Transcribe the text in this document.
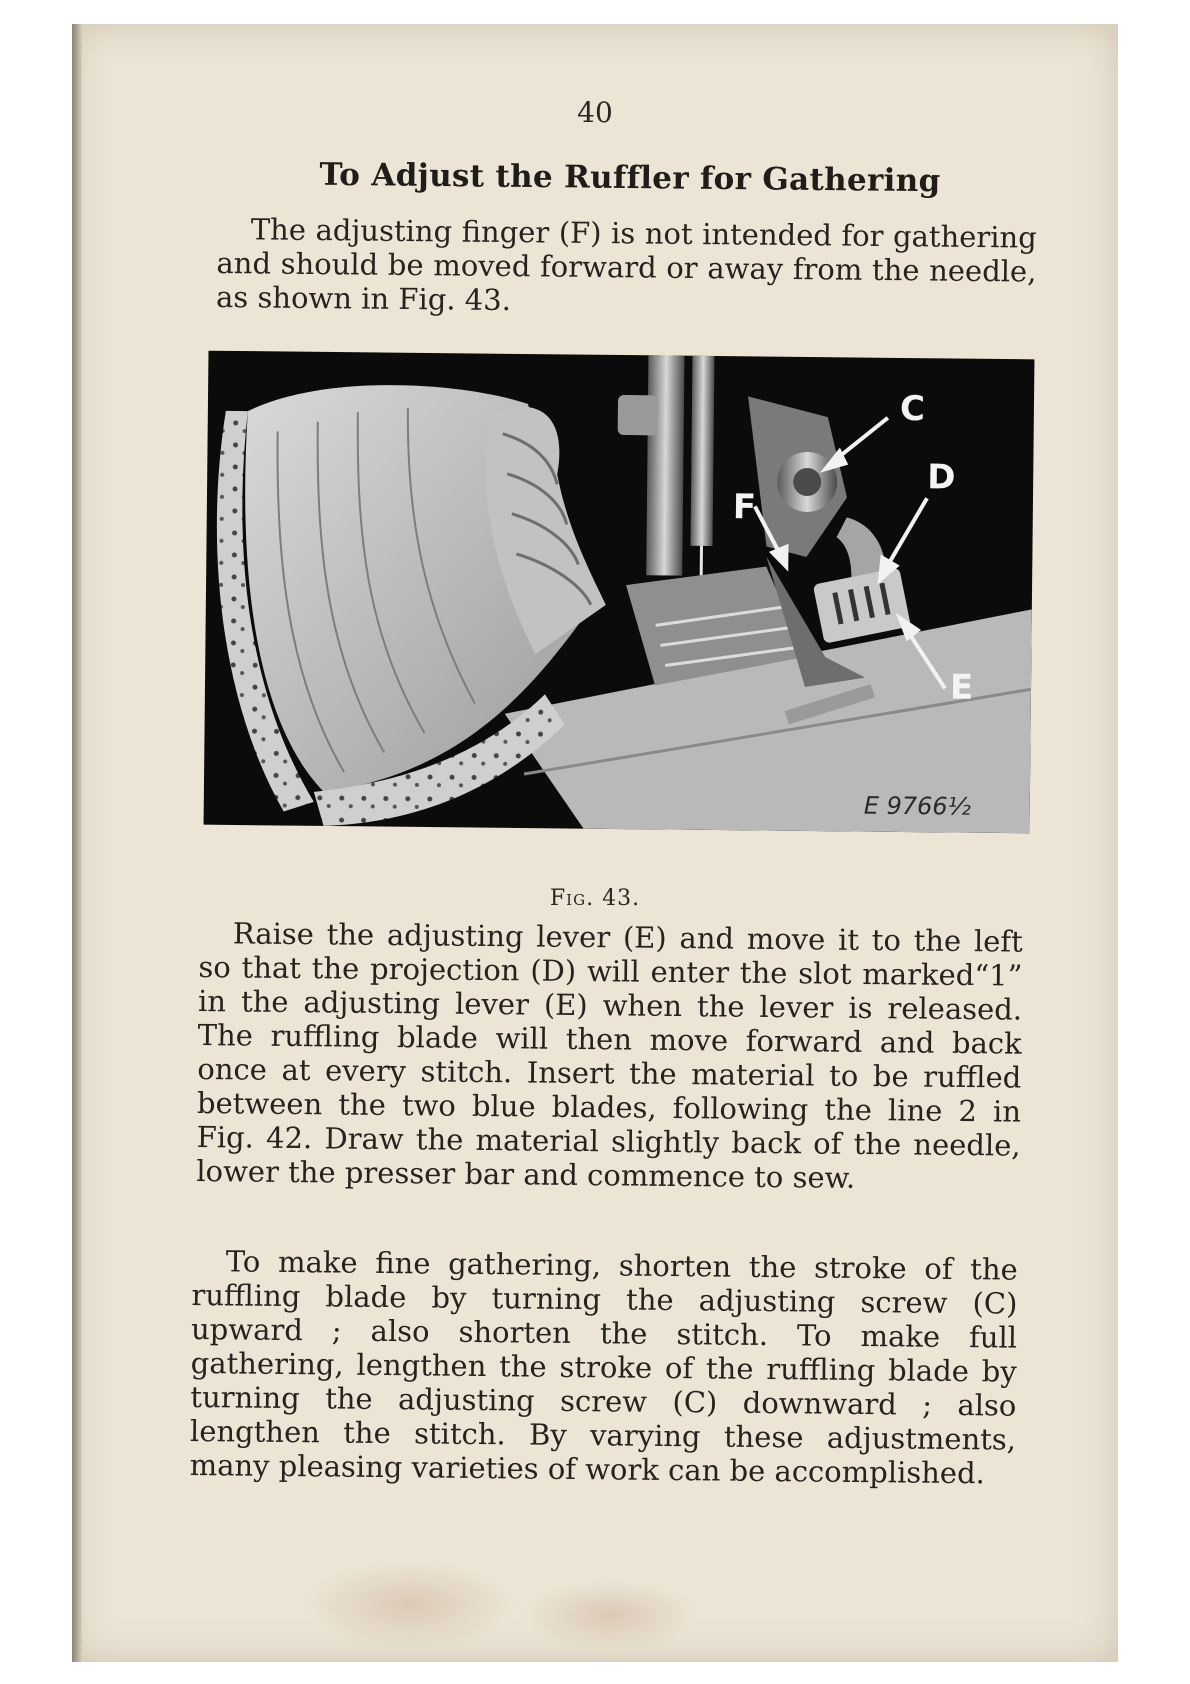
40
To Adjust the Ruffler for Gathering
The adjusting finger (F) is not intended for gathering and should be moved forward or away from the needle, as shown in Fig. 43.
C
D
E
F
E 9766½
Fig. 43.
Raise the adjusting lever (E) and move it to the left so that the projection (D) will enter the slot marked“1” in the adjusting lever (E) when the lever is released. The ruffling blade will then move forward and back once at every stitch. Insert the material to be ruffled between the two blue blades, following the line 2 in Fig. 42. Draw the material slightly back of the needle, lower the presser bar and commence to sew.
To make fine gathering, shorten the stroke of the ruffling blade by turning the adjusting screw (C) upward ; also shorten the stitch. To make full gathering, lengthen the stroke of the ruffling blade by turning the adjusting screw (C) downward ; also lengthen the stitch. By varying these adjustments, many pleasing varieties of work can be accomplished.
